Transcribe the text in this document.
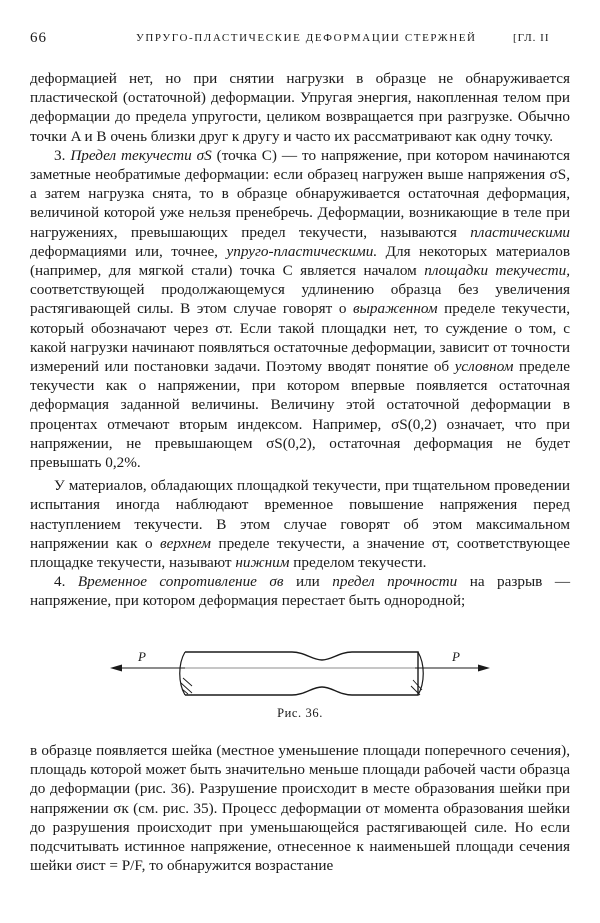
66	УПРУГО-ПЛАСТИЧЕСКИЕ ДЕФОРМАЦИИ СТЕРЖНЕЙ	[ГЛ. II

деформацией нет, но при снятии нагрузки в образце не обнаруживается пластической (остаточной) деформации. Упругая энергия, накопленная телом при деформации до предела упругости, целиком возвращается при разгрузке. Обычно точки A и B очень близки друг к другу и часто их рассматривают как одну точку.

3. Предел текучести σS (точка C) — то напряжение, при котором начинаются заметные необратимые деформации: если образец нагружен выше напряжения σS, а затем нагрузка снята, то в образце обнаруживается остаточная деформация, величиной которой уже нельзя пренебречь. Деформации, возникающие в теле при нагружениях, превышающих предел текучести, называются пластическими деформациями или, точнее, упруго-пластическими. Для некоторых материалов (например, для мягкой стали) точка C является началом площадки текучести, соответствующей продолжающемуся удлинению образца без увеличения растягивающей силы. В этом случае говорят о выраженном пределе текучести, который обозначают через σт. Если такой площадки нет, то суждение о том, с какой нагрузки начинают появляться остаточные деформации, зависит от точности измерений или постановки задачи. Поэтому вводят понятие об условном пределе текучести как о напряжении, при котором впервые появляется остаточная деформация заданной величины. Величину этой остаточной деформации в процентах отмечают вторым индексом. Например, σS(0,2) означает, что при напряжении, не превышающем σS(0,2), остаточная деформация не будет превышать 0,2%.

У материалов, обладающих площадкой текучести, при тщательном проведении испытания иногда наблюдают временное повышение напряжения перед наступлением текучести. В этом случае говорят об этом максимальном напряжении как о верхнем пределе текучести, а значение σт, соответствующее площадке текучести, называют нижним пределом текучести.

4. Временное сопротивление σв или предел прочности на разрыв — напряжение, при котором деформация перестает быть однородной;

P	P
Рис. 36.

в образце появляется шейка (местное уменьшение площади поперечного сечения), площадь которой может быть значительно меньше площади рабочей части образца до деформации (рис. 36). Разрушение происходит в месте образования шейки при напряжении σк (см. рис. 35). Процесс деформации от момента образования шейки до разрушения происходит при уменьшающейся растягивающей силе. Но если подсчитывать истинное напряжение, отнесенное к наименьшей площади сечения шейки σист = P/F, то обнаружится возрастание
